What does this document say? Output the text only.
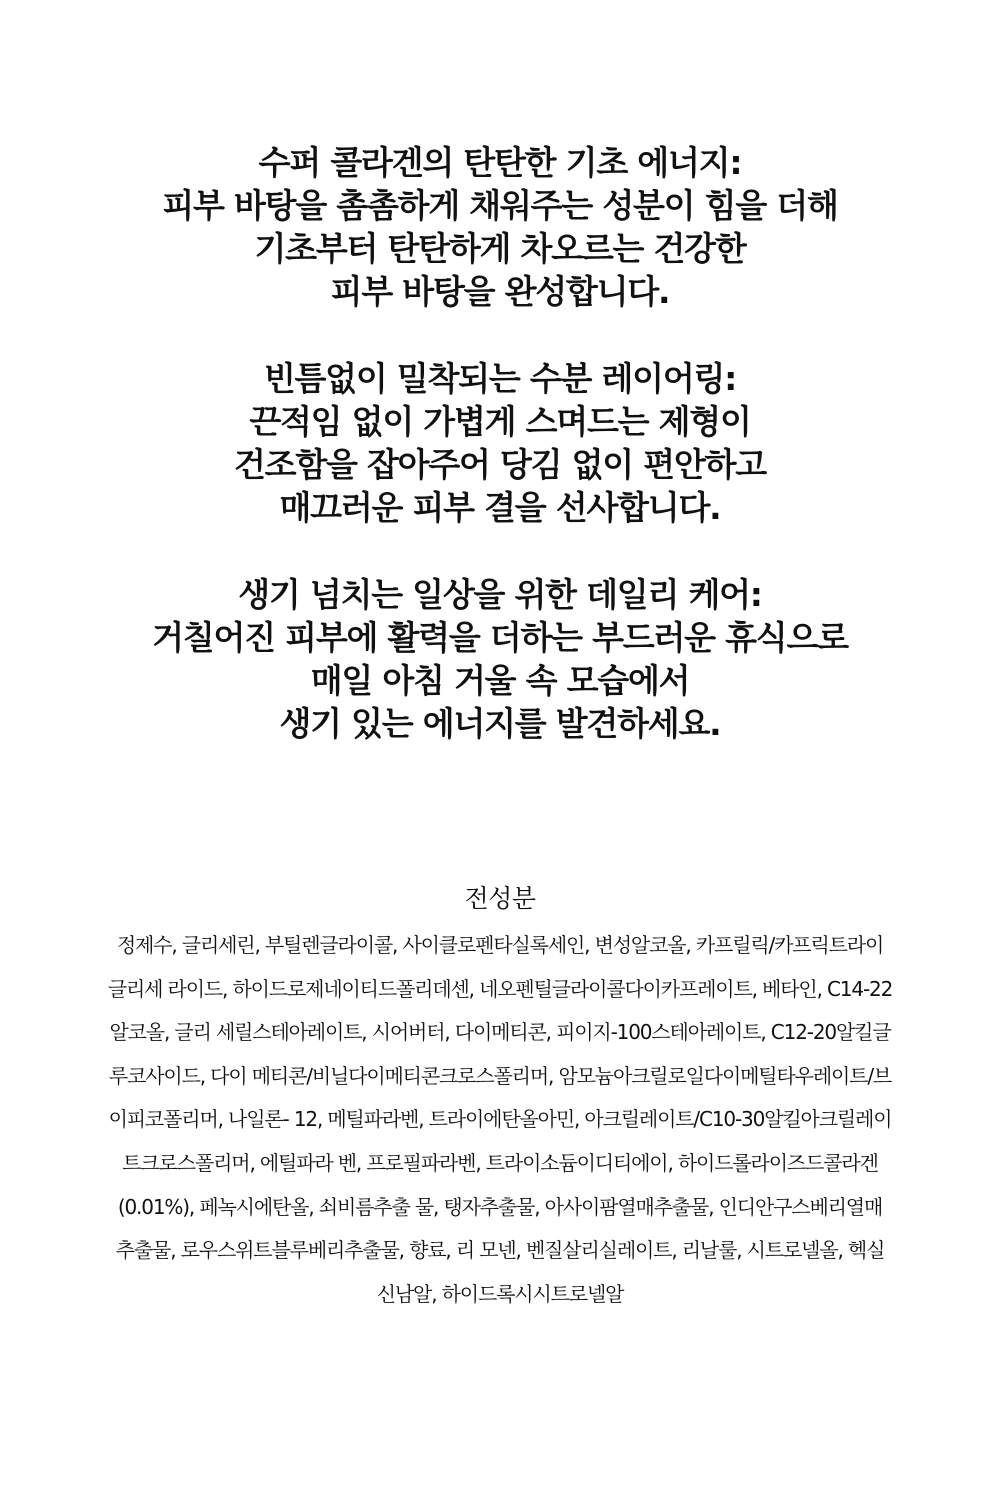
수퍼 콜라겐의 탄탄한 기초 에너지:
피부 바탕을 촘촘하게 채워주는 성분이 힘을 더해
기초부터 탄탄하게 차오르는 건강한
피부 바탕을 완성합니다.
빈틈없이 밀착되는 수분 레이어링:
끈적임 없이 가볍게 스며드는 제형이
건조함을 잡아주어 당김 없이 편안하고
매끄러운 피부 결을 선사합니다.
생기 넘치는 일상을 위한 데일리 케어:
거칠어진 피부에 활력을 더하는 부드러운 휴식으로
매일 아침 거울 속 모습에서
생기 있는 에너지를 발견하세요.
전성분
정제수, 글리세린, 부틸렌글라이콜, 사이클로펜타실록세인, 변성알코올, 카프릴릭/카프릭트라이
글리세 라이드, 하이드로제네이티드폴리데센, 네오펜틸글라이콜다이카프레이트, 베타인, C14-22
알코올, 글리 세릴스테아레이트, 시어버터, 다이메티콘, 피이지-100스테아레이트, C12-20알킬글
루코사이드, 다이 메티콘/비닐다이메티콘크로스폴리머, 암모늄아크릴로일다이메틸타우레이트/브
이피코폴리머, 나일론- 12, 메틸파라벤, 트라이에탄올아민, 아크릴레이트/C10-30알킬아크릴레이
트크로스폴리머, 에틸파라 벤, 프로필파라벤, 트라이소듐이디티에이, 하이드롤라이즈드콜라겐
(0.01%), 페녹시에탄올, 쇠비름추출 물, 탱자추출물, 아사이팜열매추출물, 인디안구스베리열매
추출물, 로우스위트블루베리추출물, 향료, 리 모넨, 벤질살리실레이트, 리날룰, 시트로넬올, 헥실
신남알, 하이드록시시트로넬알
